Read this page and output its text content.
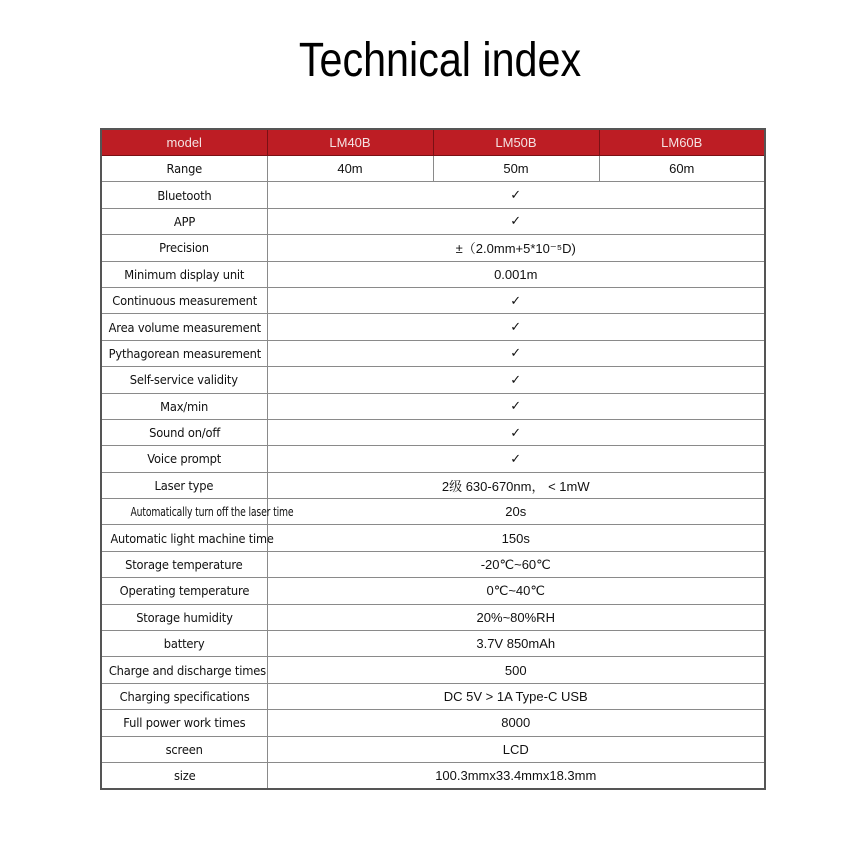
Technical index
model	LM40B	LM50B	LM60B
Range	40m	50m	60m
Bluetooth	✓		
APP	✓		
Precision	±（2.0mm+5*10⁻⁵D)		
Minimum display unit	0.001m		
Continuous measurement	✓		
Area volume measurement	✓		
Pythagorean measurement	✓		
Self-service validity	✓		
Max/min	✓		
Sound on/off	✓		
Voice prompt	✓		
Laser type	2级 630-670nm， < 1mW		
Automatically turn off the laser time	20s		
Automatic light machine time	150s		
Storage temperature	-20℃~60℃		
Operating temperature	0℃~40℃		
Storage humidity	20%~80%RH		
battery	3.7V 850mAh		
Charge and discharge times	500		
Charging specifications	DC 5V > 1A Type-C USB		
Full power work times	8000		
screen	LCD		
size	100.3mmx33.4mmx18.3mm		
